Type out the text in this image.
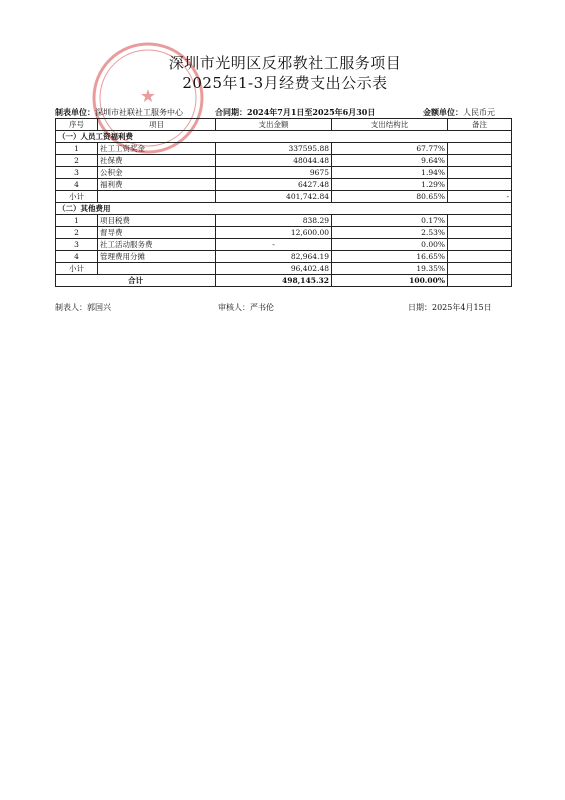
★
深圳市光明区反邪教社工服务项目
2025年1-3月经费支出公示表
制表单位：深圳市社联社工服务中心	合同期：2024年7月1日至2025年6月30日	金额单位：人民币元
序号	项目	支出金额	支出结构比	备注
（一）人员工资福利费				
1	社工工资奖金	337595.88	67.77%	
2	社保费	48044.48	9.64%	
3	公积金	9675	1.94%	
4	福利费	6427.48	1.29%	
小计		401,742.84	80.65%	-
（二）其他费用				
1	项目税费	838.29	0.17%	
2	督导费	12,600.00	2.53%	
3	社工活动服务费	-	0.00%	
4	管理费用分摊	82,964.19	16.65%	
小计		96,402.48	19.35%	
合计		498,145.32	100.00%	
制表人：郭国兴	审核人：严书伦	日期：2025年4月15日
